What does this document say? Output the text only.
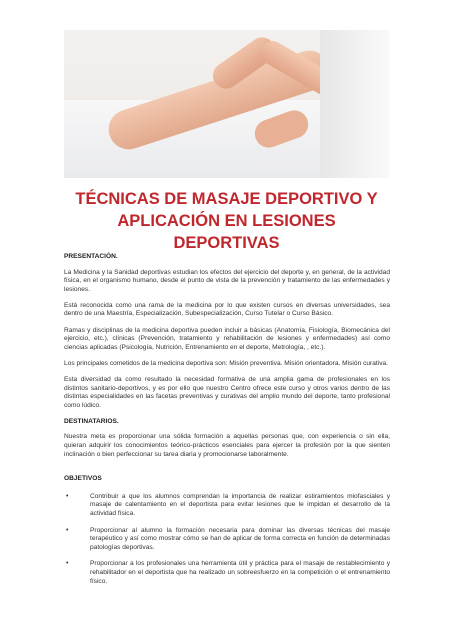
TÉCNICAS DE MASAJE DEPORTIVO Y
APLICACIÓN EN LESIONES
DEPORTIVAS
PRESENTACIÓN.

La Medicina y la Sanidad deportivas estudian los efectos del ejercicio del deporte y, en general, de la actividad física, en el organismo humano, desde el punto de vista de la prevención y tratamiento de las enfermedades y lesiones.

Está reconocida como una rama de la medicina por lo que existen cursos en diversas universidades, sea dentro de una Maestría, Especialización, Subespecialización, Curso Tutelar o Curso Básico.

Ramas y disciplinas de la medicina deportiva pueden incluir a básicas (Anatomía, Fisiología, Biomecánica del ejercicio, etc.), clínicas (Prevención, tratamiento y rehabilitación de lesiones y enfermedades) así como ciencias aplicadas (Psicología, Nutrición, Entrenamiento en el deporte, Metrología, , etc.).

Los principales cometidos de la medicina deportiva son: Misión preventiva. Misión orientadora. Misión curativa.

Esta diversidad da como resultado la necesidad formativa de una amplia gama de profesionales en los distintos sanitario-deportivos, y es por ello que nuestro Centro ofrece este curso y otros varios dentro de las distintas especialidades en las facetas preventivas y curativas del amplio mundo del deporte, tanto profesional como lúdico.

DESTINATARIOS.

Nuestra meta es proporcionar una sólida formación a aquellas personas que, con experiencia o sin ella, quieran adquirir los conocimientos teórico-prácticos esenciales para ejercer la profesión por la que sienten inclinación o bien perfeccionar su tarea diaria y promocionarse laboralmente.

OBJETIVOS
•	Contribuir a que los alumnos comprendan la importancia de realizar estiramientos miofasciales y masaje de calentamiento en el deportista para evitar lesiones que le impidan el desarrollo de la actividad física.
•	Proporcionar al alumno la formación necesaria para dominar las diversas técnicas del masaje terapéutico y así como mostrar cómo se han de aplicar de forma correcta en función de determinadas patologías deportivas.
•	Proporcionar a los profesionales una herramienta útil y práctica para el masaje de restablecimiento y rehabilitador en el deportista que ha realizado un sobreesfuerzo en la competición o el entrenamiento físico.
